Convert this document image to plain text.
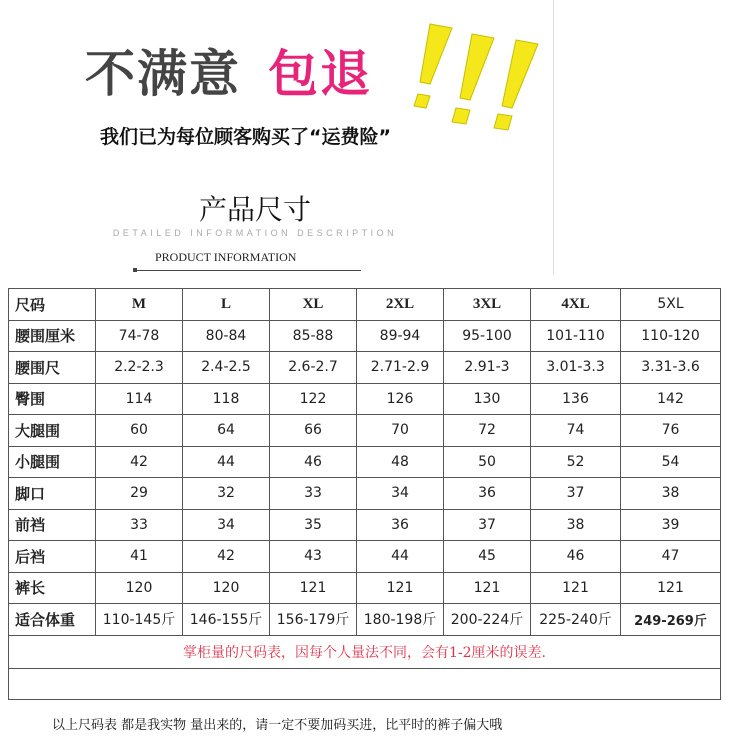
不满意 包退
我们已为每位顾客购买了“运费险”
产品尺寸
DETAILED INFORMATION DESCRIPTION
PRODUCT INFORMATION
尺码	M	L	XL	2XL	3XL	4XL	5XL
腰围厘米	74-78	80-84	85-88	89-94	95-100	101-110	110-120
腰围尺	2.2-2.3	2.4-2.5	2.6-2.7	2.71-2.9	2.91-3	3.01-3.3	3.31-3.6
臀围	114	118	122	126	130	136	142
大腿围	60	64	66	70	72	74	76
小腿围	42	44	46	48	50	52	54
脚口	29	32	33	34	36	37	38
前裆	33	34	35	36	37	38	39
后裆	41	42	43	44	45	46	47
裤长	120	120	121	121	121	121	121
适合体重	110-145斤	146-155斤	156-179斤	180-198斤	200-224斤	225-240斤	249-269斤
掌柜量的尺码表，因每个人量法不同，会有1-2厘米的误差.							

以上尺码表 都是我实物 量出来的，请一定不要加码买进，比平时的裤子偏大哦
